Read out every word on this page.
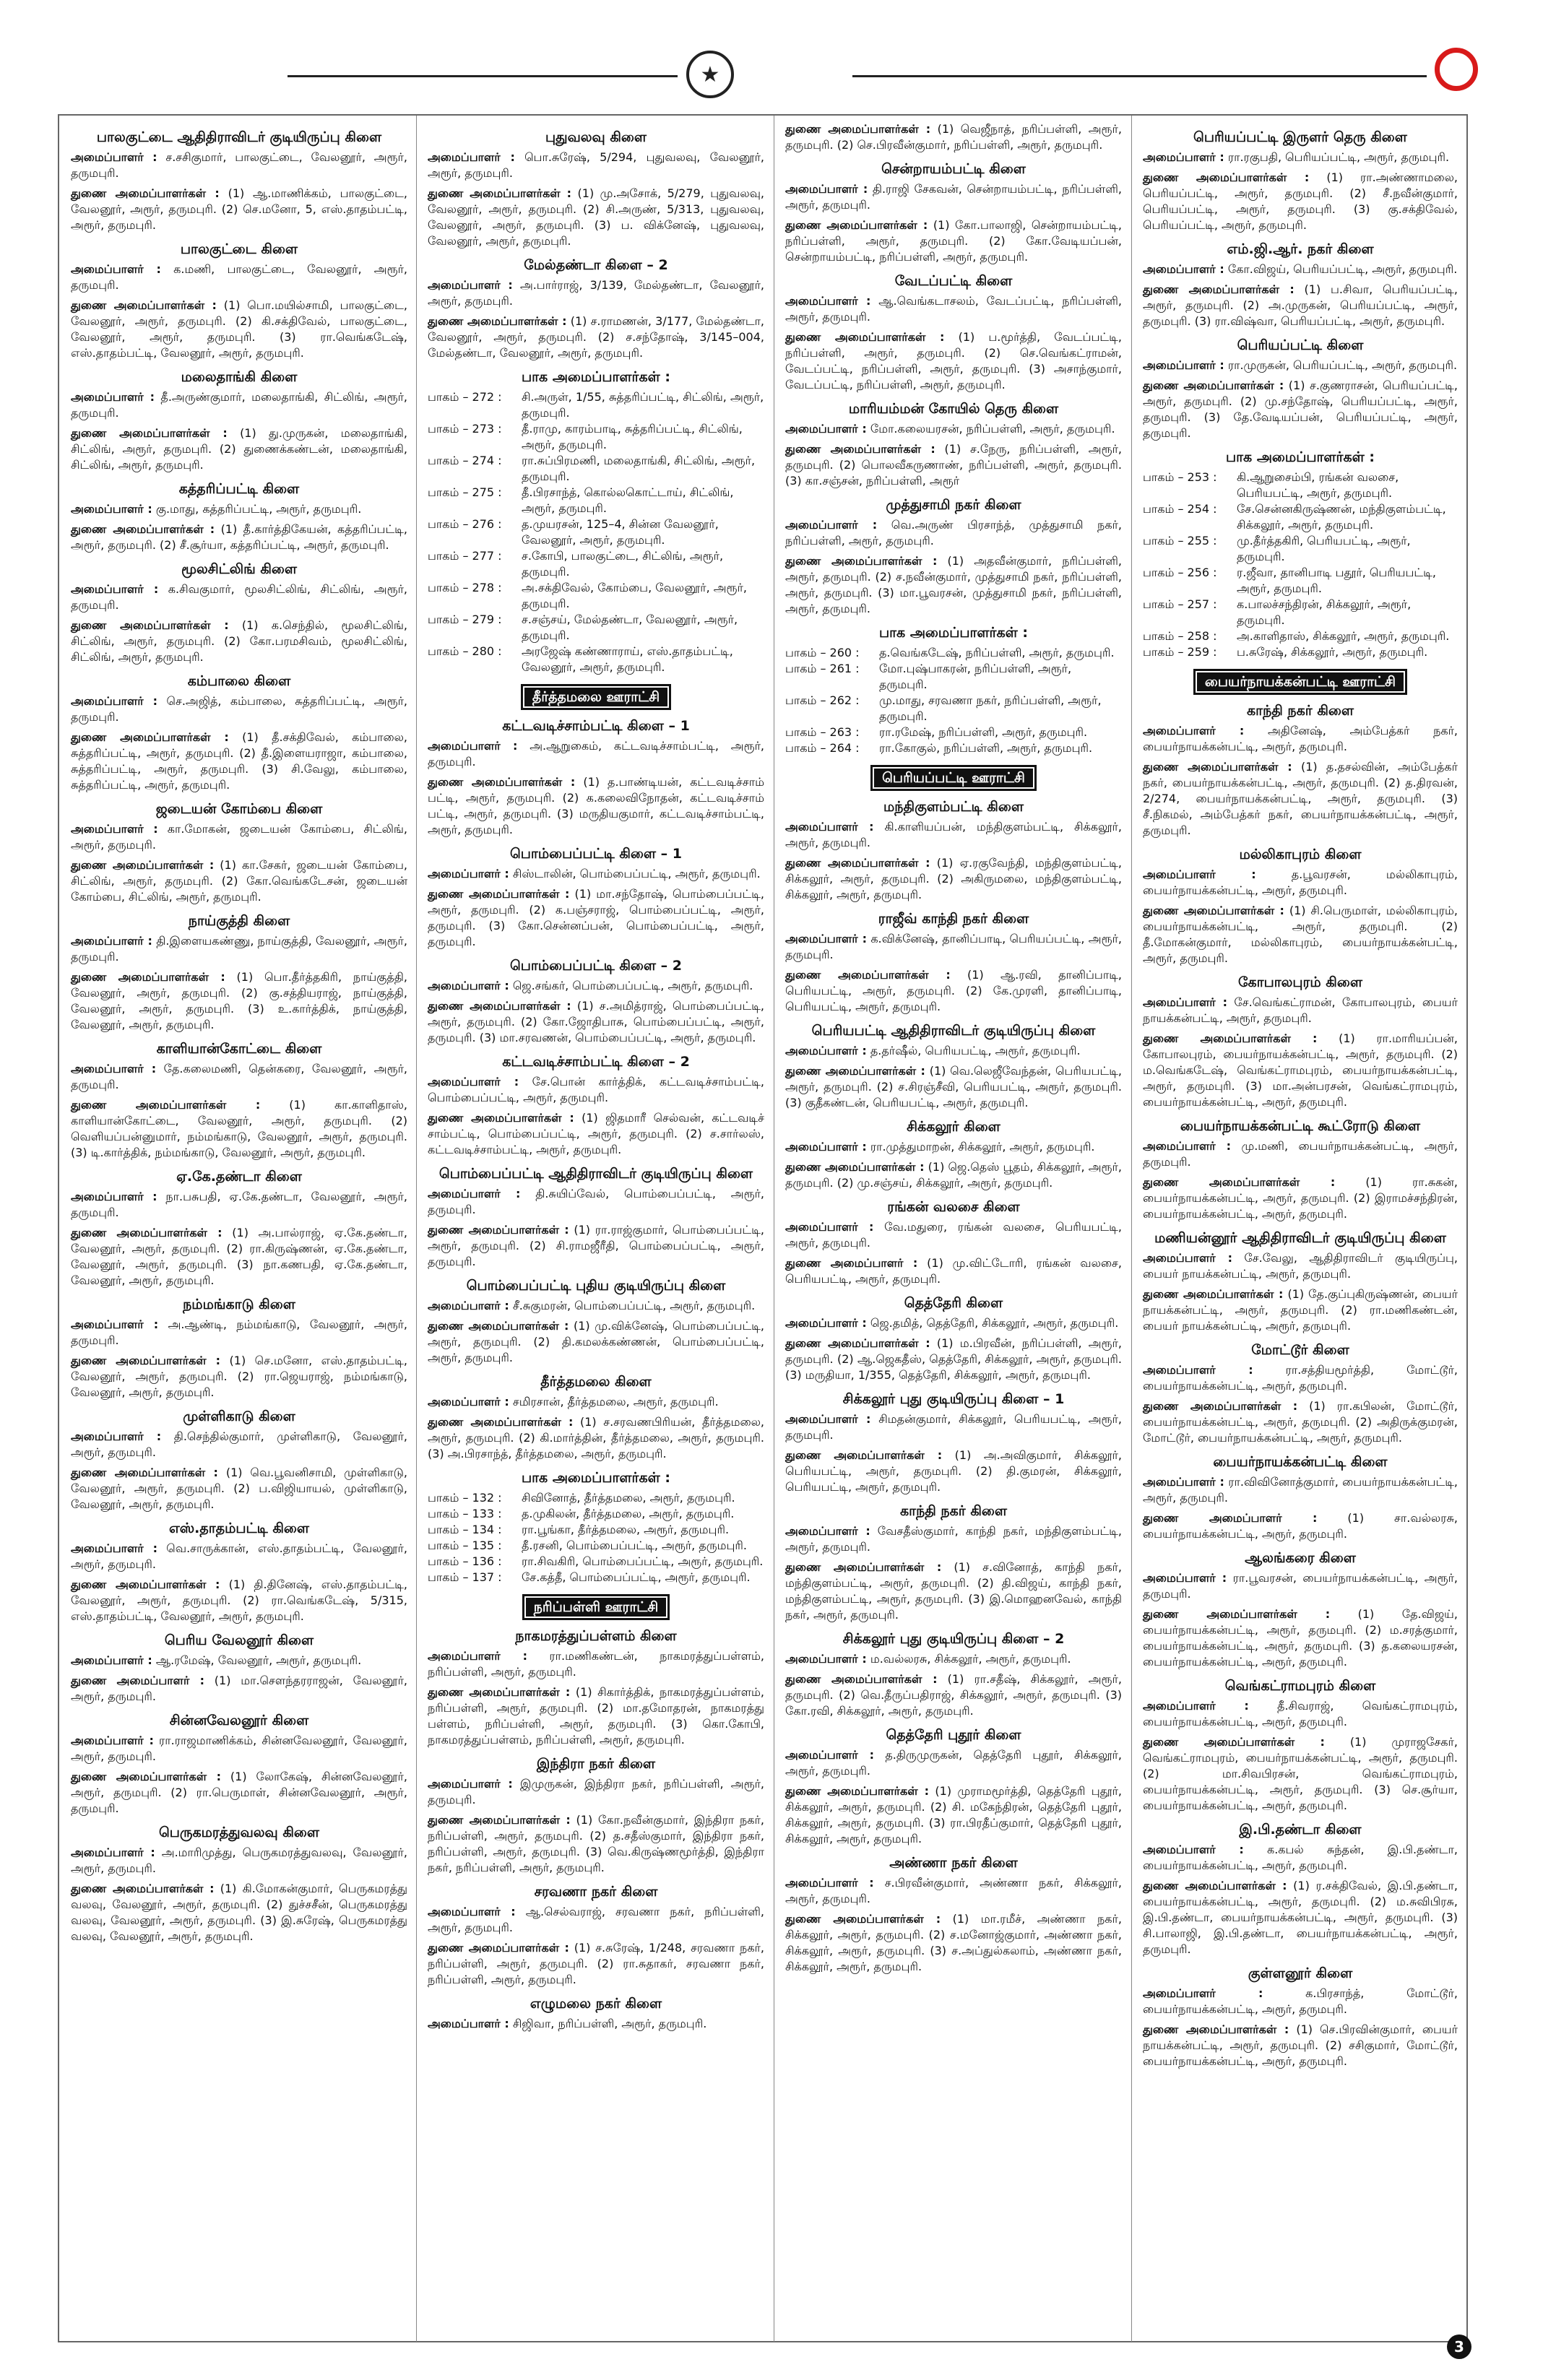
★
பாலகுட்டை ஆதிதிராவிடர் குடியிருப்பு கிளை
அமைப்பாளர் : ச.சசிகுமார், பாலகுட்டை, வேலனூர், அரூர், தருமபுரி.
துணை அமைப்பாளர்கள் : (1) ஆ.மாணிக்கம், பாலகுட்டை, வேலனூர், அரூர், தருமபுரி. (2) செ.மனோ, 5, எஸ்.தாதம்பட்டி, அரூர், தருமபுரி.
பாலகுட்டை கிளை
அமைப்பாளர் : க.மணி, பாலகுட்டை, வேலனூர், அரூர், தருமபுரி.
துணை அமைப்பாளர்கள் : (1) பொ.மயில்சாமி, பாலகுட்டை, வேலனூர், அரூர், தருமபுரி. (2) கி.சக்திவேல், பாலகுட்டை, வேலனூர், அரூர், தருமபுரி. (3) ரா.வெங்கடேஷ், எஸ்.தாதம்பட்டி, வேலனூர், அரூர், தருமபுரி.
மலைதாங்கி கிளை
அமைப்பாளர் : தீ.அருண்குமார், மலைதாங்கி, சிட்லிங், அரூர், தருமபுரி.
துணை அமைப்பாளர்கள் : (1) து.முருகன், மலைதாங்கி, சிட்லிங், அரூர், தருமபுரி. (2) துணைக்கண்டன், மலைதாங்கி, சிட்லிங், அரூர், தருமபுரி.
கத்தரிப்பட்டி கிளை
அமைப்பாளர் : கு.மாது, கத்தரிப்பட்டி, அரூர், தருமபுரி.
துணை அமைப்பாளர்கள் : (1) தீ.கார்த்திகேயன், கத்தரிப்பட்டி, அரூர், தருமபுரி. (2) சீ.சூர்யா, கத்தரிப்பட்டி, அரூர், தருமபுரி.
மூலசிட்லிங் கிளை
அமைப்பாளர் : க.சிவகுமார், மூலசிட்லிங், சிட்லிங், அரூர், தருமபுரி.
துணை அமைப்பாளர்கள் : (1) க.செந்தில், மூலசிட்லிங், சிட்லிங், அரூர், தருமபுரி. (2) கோ.பரமசிவம், மூலசிட்லிங், சிட்லிங், அரூர், தருமபுரி.
கம்பாலை கிளை
அமைப்பாளர் : செ.அஜித், கம்பாலை, சுத்தரிப்பட்டி, அரூர், தருமபுரி.
துணை அமைப்பாளர்கள் : (1) தீ.சக்திவேல், கம்பாலை, சுத்தரிப்பட்டி, அரூர், தருமபுரி. (2) தீ.இளையராஜா, கம்பாலை, சுத்தரிப்பட்டி, அரூர், தருமபுரி. (3) சி.வேலு, கம்பாலை, சுத்தரிப்பட்டி, அரூர், தருமபுரி.
ஜடையன் கோம்பை கிளை
அமைப்பாளர் : கா.மோகன், ஜடையன் கோம்பை, சிட்லிங், அரூர், தருமபுரி.
துணை அமைப்பாளர்கள் : (1) கா.சேகர், ஜடையன் கோம்பை, சிட்லிங், அரூர், தருமபுரி. (2) கோ.வெங்கடேசன், ஜடையன் கோம்பை, சிட்லிங், அரூர், தருமபுரி.
நாய்குத்தி கிளை
அமைப்பாளர் : தி.இளையகண்ணு, நாய்குத்தி, வேலனூர், அரூர், தருமபுரி.
துணை அமைப்பாளர்கள் : (1) பொ.தீர்த்தகிரி, நாய்குத்தி, வேலனூர், அரூர், தருமபுரி. (2) கு.சத்தியராஜ், நாய்குத்தி, வேலனூர், அரூர், தருமபுரி. (3) உ.கார்த்திக், நாய்குத்தி, வேலனூர், அரூர், தருமபுரி.
காளியான்கோட்டை கிளை
அமைப்பாளர் : தே.கலைமணி, தென்கரை, வேலனூர், அரூர், தருமபுரி.
துணை அமைப்பாளர்கள் :	(1) கா.காளிதாஸ், காளியான்கோட்டை, வேலனூர், அரூர், தருமபுரி. (2) வெளியப்பன்னுமார், நம்மங்காடு, வேலனூர், அரூர், தருமபுரி. (3) டி.கார்த்திக், நம்மங்காடு, வேலனூர், அரூர், தருமபுரி.
ஏ.கே.தண்டா கிளை
அமைப்பாளர் : நா.பசுபதி, ஏ.கே.தண்டா, வேலனூர், அரூர், தருமபுரி.
துணை அமைப்பாளர்கள் : (1) அ.பால்ராஜ், ஏ.கே.தண்டா, வேலனூர், அரூர், தருமபுரி. (2) ரா.கிருஷ்ணன், ஏ.கே.தண்டா, வேலனூர், அரூர், தருமபுரி. (3) நா.கணபதி, ஏ.கே.தண்டா, வேலனூர், அரூர், தருமபுரி.
நம்மங்காடு கிளை
அமைப்பாளர் : அ.ஆண்டி, நம்மங்காடு, வேலனூர், அரூர், தருமபுரி.
துணை அமைப்பாளர்கள் : (1) செ.மனோ, எஸ்.தாதம்பட்டி, வேலனூர், அரூர், தருமபுரி. (2) ரா.ஜெயராஜ், நம்மங்காடு, வேலனூர், அரூர், தருமபுரி.
முள்ளிகாடு கிளை
அமைப்பாளர் : தி.செந்தில்குமார், முள்ளிகாடு, வேலனூர், அரூர், தருமபுரி.
துணை அமைப்பாளர்கள் : (1) வெ.பூவனிசாமி, முள்ளிகாடு, வேலனூர், அரூர், தருமபுரி. (2) ப.விஜியாயல், முள்ளிகாடு, வேலனூர், அரூர், தருமபுரி.
எஸ்.தாதம்பட்டி கிளை
அமைப்பாளர் : வெ.சாருக்கான், எஸ்.தாதம்பட்டி, வேலனூர், அரூர், தருமபுரி.
துணை அமைப்பாளர்கள் : (1) தி.தினேஷ், எஸ்.தாதம்பட்டி, வேலனூர், அரூர், தருமபுரி. (2) ரா.வெங்கடேஷ், 5/315, எஸ்.தாதம்பட்டி, வேலனூர், அரூர், தருமபுரி.
பெரிய வேலனூர் கிளை
அமைப்பாளர் : ஆ.ரமேஷ், வேலனூர், அரூர், தருமபுரி.
துணை அமைப்பாளர் : (1) மா.சௌந்தரராஜன், வேலனூர், அரூர், தருமபுரி.
சின்னவேலனூர் கிளை
அமைப்பாளர் : ரா.ராஜமாணிக்கம், சின்னவேலனூர், வேலனூர், அரூர், தருமபுரி.
துணை அமைப்பாளர்கள் : (1) லோகேஷ், சின்னவேலனூர், அரூர், தருமபுரி. (2) ரா.பெருமாள், சின்னவேலனூர், அரூர், தருமபுரி.
பெருகமரத்துவலவு கிளை
அமைப்பாளர் : அ.மாரிமுத்து, பெருகமரத்துவலவு, வேலனூர், அரூர், தருமபுரி.
துணை அமைப்பாளர்கள் : (1) கி.மோகன்குமார், பெருகமரத்து வலவு, வேலனூர், அரூர், தருமபுரி. (2) துச்சசீன், பெருகமரத்து வலவு, வேலனூர், அரூர், தருமபுரி. (3) இ.சுரேஷ், பெருகமரத்து வலவு, வேலனூர், அரூர், தருமபுரி.
புதுவலவு கிளை
அமைப்பாளர் : பொ.சுரேஷ், 5/294, புதுவலவு, வேலனூர், அரூர், தருமபுரி.
துணை அமைப்பாளர்கள் : (1) மு.அசோக், 5/279, புதுவலவு, வேலனூர், அரூர், தருமபுரி. (2) சி.அருண், 5/313, புதுவலவு, வேலனூர், அரூர், தருமபுரி. (3) ப. விக்னேஷ், புதுவலவு, வேலனூர், அரூர், தருமபுரி.
மேல்தண்டா கிளை – 2
அமைப்பாளர் : அ.பார்ராஜ், 3/139, மேல்தண்டா, வேலனூர், அரூர், தருமபுரி.
துணை அமைப்பாளர்கள் : (1) ச.ராமணன், 3/177, மேல்தண்டா, வேலனூர், அரூர், தருமபுரி. (2) ச.சந்தோஷ், 3/145–004, மேல்தண்டா, வேலனூர், அரூர், தருமபுரி.
பாக அமைப்பாளர்கள் :
பாகம் – 272 :	சி.அருள், 1/55, சுத்தரிப்பட்டி, சிட்லிங், அரூர், தருமபுரி.
பாகம் – 273 :	தீ.ராமு, காரம்பாடி, சுத்தரிப்பட்டி, சிட்லிங், அரூர், தருமபுரி.
பாகம் – 274 :	ரா.சுப்பிரமணி, மலைதாங்கி, சிட்லிங், அரூர், தருமபுரி.
பாகம் – 275 :	தீ.பிரசாந்த், கொல்லகொட்டாய், சிட்லிங், அரூர், தருமபுரி.
பாகம் – 276 :	த.முயரசன், 125–4, சின்ன வேலனூர், வேலனூர், அரூர், தருமபுரி.
பாகம் – 277 :	ச.கோபி, பாலகுட்டை, சிட்லிங், அரூர், தருமபுரி.
பாகம் – 278 :	அ.சக்திவேல், கோம்பை, வேலனூர், அரூர், தருமபுரி.
பாகம் – 279 :	ச.சஞ்சய், மேல்தண்டா, வேலனூர், அரூர், தருமபுரி.
பாகம் – 280 :	அரஜேஷ் கண்ணாராய், எஸ்.தாதம்பட்டி, வேலனூர், அரூர், தருமபுரி.
தீர்த்தமலை ஊராட்சி
கட்டவடிச்சாம்பட்டி கிளை – 1
அமைப்பாளர் : அ.ஆறுகைம், கட்டவடிச்சாம்பட்டி, அரூர், தருமபுரி.
துணை அமைப்பாளர்கள் : (1) த.பாண்டியன், கட்டவடிச்சாம் பட்டி, அரூர், தருமபுரி. (2) க.கலைவிநோதன், கட்டவடிச்சாம் பட்டி, அரூர், தருமபுரி. (3) மருதியகுமார், கட்டவடிச்சாம்பட்டி, அரூர், தருமபுரி.
பொம்பைப்பட்டி கிளை – 1
அமைப்பாளர் : சிஸ்டாலின், பொம்பைப்பட்டி, அரூர், தருமபுரி.
துணை அமைப்பாளர்கள் : (1) மா.சந்தோஷ், பொம்பைப்பட்டி, அரூர், தருமபுரி. (2) க.பஞ்சராஜ், பொம்பைப்பட்டி, அரூர், தருமபுரி. (3) கோ.சென்னப்பன், பொம்பைப்பட்டி, அரூர், தருமபுரி.
பொம்பைப்பட்டி கிளை – 2
அமைப்பாளர் : ஜெ.சங்கர், பொம்பைப்பட்டி, அரூர், தருமபுரி.
துணை அமைப்பாளர்கள் : (1) ச.அமித்ராஜ், பொம்பைப்பட்டி, அரூர், தருமபுரி. (2) கோ.ஜோதிபாசு, பொம்பைப்பட்டி, அரூர், தருமபுரி. (3) மா.சரவணன், பொம்பைப்பட்டி, அரூர், தருமபுரி.
கட்டவடிச்சாம்பட்டி கிளை – 2
அமைப்பாளர் : சே.பொன் கார்த்திக், கட்டவடிச்சாம்பட்டி, பொம்பைப்பட்டி, அரூர், தருமபுரி.
துணை அமைப்பாளர்கள் : (1) ஜிதமாரீ செல்வன், கட்டவடிச் சாம்பட்டி, பொம்பைப்பட்டி, அரூர், தருமபுரி. (2) ச.சார்லஸ், கட்டவடிச்சாம்பட்டி, அரூர், தருமபுரி.
பொம்பைப்பட்டி ஆதிதிராவிடர் குடியிருப்பு கிளை
அமைப்பாளர் : தி.சுயிப்வேல், பொம்பைப்பட்டி, அரூர், தருமபுரி.
துணை அமைப்பாளர்கள் : (1) ரா.ராஜ்குமார், பொம்பைப்பட்டி, அரூர், தருமபுரி. (2) சி.ராமஜீரீதி, பொம்பைப்பட்டி, அரூர், தருமபுரி.
பொம்பைப்பட்டி புதிய குடியிருப்பு கிளை
அமைப்பாளர் : சீ.சுகுமரன், பொம்பைப்பட்டி, அரூர், தருமபுரி.
துணை அமைப்பாளர்கள் : (1) மு.விக்னேஷ், பொம்பைப்பட்டி, அரூர், தருமபுரி. (2) தி.கமலக்கண்ணன், பொம்பைப்பட்டி, அரூர், தருமபுரி.
தீர்த்தமலை கிளை
அமைப்பாளர் : சமிரசான், தீர்த்தமலை, அரூர், தருமபுரி.
துணை அமைப்பாளர்கள் : (1) ச.சரவணபிரியன், தீர்த்தமலை, அரூர், தருமபுரி. (2) கி.மார்த்தின், தீர்த்தமலை, அரூர், தருமபுரி. (3) அ.பிரசாந்த், தீர்த்தமலை, அரூர், தருமபுரி.
பாக அமைப்பாளர்கள் :
பாகம் – 132 :	சிவினோத், தீர்த்தமலை, அரூர், தருமபுரி.
பாகம் – 133 :	த.முகிலன், தீர்த்தமலை, அரூர், தருமபுரி.
பாகம் – 134 :	ரா.பூங்கா, தீர்த்தமலை, அரூர், தருமபுரி.
பாகம் – 135 :	தீ.ரசனி, பொம்பைப்பட்டி, அரூர், தருமபுரி.
பாகம் – 136 :	ரா.சிவகிரி, பொம்பைப்பட்டி, அரூர், தருமபுரி.
பாகம் – 137 :	சே.கத்தீ, பொம்பைப்பட்டி, அரூர், தருமபுரி.
நரிப்பள்ளி ஊராட்சி
நாகமரத்துப்பள்ளம் கிளை
அமைப்பாளர் : ரா.மணிகண்டன், நாகமரத்துப்பள்ளம், நரிப்பள்ளி, அரூர், தருமபுரி.
துணை அமைப்பாளர்கள் : (1) சிகார்த்திக், நாகமரத்துப்பள்ளம், நரிப்பள்ளி, அரூர், தருமபுரி. (2) மா.தமோதரன், நாகமரத்து பள்ளம், நரிப்பள்ளி, அரூர், தருமபுரி. (3) கொ.கோபி, நாகமரத்துப்பள்ளம், நரிப்பள்ளி, அரூர், தருமபுரி.
இந்திரா நகர் கிளை
அமைப்பாளர் : இமுருகன், இந்திரா நகர், நரிப்பள்ளி, அரூர், தருமபுரி.
துணை அமைப்பாளர்கள் : (1) கோ.நவீன்குமார், இந்திரா நகர், நரிப்பள்ளி, அரூர், தருமபுரி. (2) த.சதீஸ்குமார், இந்திரா நகர், நரிப்பள்ளி, அரூர், தருமபுரி. (3) வெ.கிருஷ்ணமூர்த்தி, இந்திரா நகர், நரிப்பள்ளி, அரூர், தருமபுரி.
சரவணா நகர் கிளை
அமைப்பாளர் : ஆ.செல்வராஜ், சரவணா நகர், நரிப்பள்ளி, அரூர், தருமபுரி.
துணை அமைப்பாளர்கள் : (1) ச.சுரேஷ், 1/248, சரவணா நகர், நரிப்பள்ளி, அரூர், தருமபுரி. (2) ரா.சுதாகர், சரவணா நகர், நரிப்பள்ளி, அரூர், தருமபுரி.
எழுமலை நகர் கிளை
அமைப்பாளர் : சிஜிவா, நரிப்பள்ளி, அரூர், தருமபுரி.
துணை அமைப்பாளர்கள் : (1) வெஜீநாத், நரிப்பள்ளி, அரூர், தருமபுரி. (2) செ.பிரவீன்குமார், நரிப்பள்ளி, அரூர், தருமபுரி.
சென்றாயம்பட்டி கிளை
அமைப்பாளர் : தி.ராஜி சேகவன், சென்றாயம்பட்டி, நரிப்பள்ளி, அரூர், தருமபுரி.
துணை அமைப்பாளர்கள் : (1) கோ.பாலாஜி, சென்றாயம்பட்டி, நரிப்பள்ளி, அரூர், தருமபுரி. (2) கோ.வேடியப்பன், சென்றாயம்பட்டி, நரிப்பள்ளி, அரூர், தருமபுரி.
வேடப்பட்டி கிளை
அமைப்பாளர் : ஆ.வெங்கடாசலம், வேடப்பட்டி, நரிப்பள்ளி, அரூர், தருமபுரி.
துணை அமைப்பாளர்கள் : (1) ப.மூர்த்தி, வேடப்பட்டி, நரிப்பள்ளி, அரூர், தருமபுரி. (2) செ.வெங்கட்ராமன், வேடப்பட்டி, நரிப்பள்ளி, அரூர், தருமபுரி. (3) அசாந்குமார், வேடப்பட்டி, நரிப்பள்ளி, அரூர், தருமபுரி.
மாரியம்மன் கோயில் தெரு கிளை
அமைப்பாளர் : மோ.கலையரசன், நரிப்பள்ளி, அரூர், தருமபுரி.
துணை அமைப்பாளர்கள் : (1) ச.நேரு, நரிப்பள்ளி, அரூர், தருமபுரி. (2) பொலவீகருணாண், நரிப்பள்ளி, அரூர், தருமபுரி. (3) கா.சஞ்சன், நரிப்பள்ளி, அரூர்
முத்துசாமி நகர் கிளை
அமைப்பாளர் : வெ.அருண் பிரசாந்த், முத்துசாமி நகர், நரிப்பள்ளி, அரூர், தருமபுரி.
துணை அமைப்பாளர்கள் : (1) அதவீன்குமார், நரிப்பள்ளி, அரூர், தருமபுரி. (2) ச.நவீன்குமார், முத்துசாமி நகர், நரிப்பள்ளி, அரூர், தருமபுரி. (3) மா.பூவரசன், முத்துசாமி நகர், நரிப்பள்ளி, அரூர், தருமபுரி.
பாக அமைப்பாளர்கள் :
பாகம் – 260 :	த.வெங்கடேஷ், நரிப்பள்ளி, அரூர், தருமபுரி.
பாகம் – 261 :	மோ.புஷ்பாகரன், நரிப்பள்ளி, அரூர், தருமபுரி.
பாகம் – 262 :	மு.மாது, சரவணா நகர், நரிப்பள்ளி, அரூர், தருமபுரி.
பாகம் – 263 :	ரா.ரமேஷ், நரிப்பள்ளி, அரூர், தருமபுரி.
பாகம் – 264 :	ரா.கோகுல், நரிப்பள்ளி, அரூர், தருமபுரி.
பெரியப்பட்டி ஊராட்சி
மந்திகுளம்பட்டி கிளை
அமைப்பாளர் : கி.காளியப்பன், மந்திகுளம்பட்டி, சிக்கலூர், அரூர், தருமபுரி.
துணை அமைப்பாளர்கள் : (1) ஏ.ரகுவேந்தி, மந்திகுளம்பட்டி, சிக்கலூர், அரூர், தருமபுரி. (2) அகிருமலை, மந்திகுளம்பட்டி, சிக்கலூர், அரூர், தருமபுரி.
ராஜீவ் காந்தி நகர் கிளை
அமைப்பாளர் : க.விக்னேஷ், தானிப்பாடி, பெரியப்பட்டி, அரூர், தருமபுரி.
துணை அமைப்பாளர்கள் : (1) ஆ.ரவி, தானிப்பாடி, பெரியபட்டி, அரூர், தருமபுரி. (2) கே.முரளி, தானிப்பாடி, பெரியபட்டி, அரூர், தருமபுரி.
பெரியபட்டி ஆதிதிராவிடர் குடியிருப்பு கிளை
அமைப்பாளர் : த.தர்ஷீல், பெரியபட்டி, அரூர், தருமபுரி.
துணை அமைப்பாளர்கள் : (1) வெ.லெஜீவேந்தன், பெரியபட்டி, அரூர், தருமபுரி. (2) ச.சிரஞ்சீவி, பெரியபட்டி, அரூர், தருமபுரி. (3) குதீகண்டன், பெரியபட்டி, அரூர், தருமபுரி.
சிக்கலூர் கிளை
அமைப்பாளர் : ரா.முத்துமாறன், சிக்கலூர், அரூர், தருமபுரி.
துணை அமைப்பாளர்கள் : (1) ஜெ.தெஸ் பூதம், சிக்கலூர், அரூர், தருமபுரி. (2) மு.சஞ்சய், சிக்கலூர், அரூர், தருமபுரி.
ரங்கன் வலசை கிளை
அமைப்பாளர் : வே.மதுரை, ரங்கன் வலசை, பெரியபட்டி, அரூர், தருமபுரி.
துணை அமைப்பாளர் : (1) மு.விட்டோரி, ரங்கன் வலசை, பெரியபட்டி, அரூர், தருமபுரி.
தெத்தேரி கிளை
அமைப்பாளர் : ஜெ.தமித், தெத்தேரி, சிக்கலூர், அரூர், தருமபுரி.
துணை அமைப்பாளர்கள் : (1) ம.பிரவீன், நரிப்பள்ளி, அரூர், தருமபுரி. (2) ஆ.ஜெகதீஸ், தெத்தேரி, சிக்கலூர், அரூர், தருமபுரி. (3) மருதியா, 1/355, தெத்தேரி, சிக்கலூர், அரூர், தருமபுரி.
சிக்கலூர் புது குடியிருப்பு கிளை – 1
அமைப்பாளர் : சிமதன்குமார், சிக்கலூர், பெரியபட்டி, அரூர், தருமபுரி.
துணை அமைப்பாளர்கள் : (1) அ.அவிகுமார், சிக்கலூர், பெரியபட்டி, அரூர், தருமபுரி. (2) தி.குமரன், சிக்கலூர், பெரியபட்டி, அரூர், தருமபுரி.
காந்தி நகர் கிளை
அமைப்பாளர் : வேசதீஸ்குமார், காந்தி நகர், மந்திகுளம்பட்டி, அரூர், தருமபுரி.
துணை அமைப்பாளர்கள் : (1) ச.வினோத், காந்தி நகர், மந்திகுளம்பட்டி, அரூர், தருமபுரி. (2) தி.விஜய், காந்தி நகர், மந்திகுளம்பட்டி, அரூர், தருமபுரி. (3) இ.மொஹனவேல், காந்தி நகர், அரூர், தருமபுரி.
சிக்கலூர் புது குடியிருப்பு கிளை – 2
அமைப்பாளர் : ம.வல்லரசு, சிக்கலூர், அரூர், தருமபுரி.
துணை அமைப்பாளர்கள் : (1) ரா.சதீஷ், சிக்கலூர், அரூர், தருமபுரி. (2) வெ.தீருப்பதிராஜ், சிக்கலூர், அரூர், தருமபுரி. (3) கோ.ரவி, சிக்கலூர், அரூர், தருமபுரி.
தெத்தேரி புதூர் கிளை
அமைப்பாளர் : த.திருமுருகன், தெத்தேரி புதூர், சிக்கலூர், அரூர், தருமபுரி.
துணை அமைப்பாளர்கள் : (1) முராமமூர்த்தி, தெத்தேரி புதூர், சிக்கலூர், அரூர், தருமபுரி. (2) சி. மகேந்திரன், தெத்தேரி புதூர், சிக்கலூர், அரூர், தருமபுரி. (3) ரா.பிரதீப்குமார், தெத்தேரி புதூர், சிக்கலூர், அரூர், தருமபுரி.
அண்ணா நகர் கிளை
அமைப்பாளர் : ச.பிரவீன்குமார், அண்ணா நகர், சிக்கலூர், அரூர், தருமபுரி.
துணை அமைப்பாளர்கள் : (1) மா.ரமீச், அண்ணா நகர், சிக்கலூர், அரூர், தருமபுரி. (2) ச.மனோஜ்குமார், அண்ணா நகர், சிக்கலூர், அரூர், தருமபுரி. (3) ச.அப்துல்கலாம், அண்ணா நகர், சிக்கலூர், அரூர், தருமபுரி.
பெரியப்பட்டி இருளர் தெரு கிளை
அமைப்பாளர் : ரா.ரகுபதி, பெரியப்பட்டி, அரூர், தருமபுரி.
துணை அமைப்பாளர்கள் : (1) ரா.அண்ணாமலை, பெரியப்பட்டி, அரூர், தருமபுரி. (2) சீ.நவீன்குமார், பெரியப்பட்டி, அரூர், தருமபுரி. (3) கு.சக்திவேல், பெரியப்பட்டி, அரூர், தருமபுரி.
எம்.ஜி.ஆர். நகர் கிளை
அமைப்பாளர் : கோ.விஜய், பெரியப்பட்டி, அரூர், தருமபுரி.
துணை அமைப்பாளர்கள் : (1) ப.சிவா, பெரியப்பட்டி, அரூர், தருமபுரி. (2) அ.முருகன், பெரியப்பட்டி, அரூர், தருமபுரி. (3) ரா.விஷ்வா, பெரியப்பட்டி, அரூர், தருமபுரி.
பெரியப்பட்டி கிளை
அமைப்பாளர் : ரா.முருகன், பெரியப்பட்டி, அரூர், தருமபுரி.
துணை அமைப்பாளர்கள் : (1) ச.குணராசன், பெரியப்பட்டி, அரூர், தருமபுரி. (2) மு.சந்தோஷ், பெரியப்பட்டி, அரூர், தருமபுரி. (3) தே.வேடியப்பன், பெரியப்பட்டி, அரூர், தருமபுரி.
பாக அமைப்பாளர்கள் :
பாகம் – 253 :	கி.ஆறுசைம்பி, ரங்கன் வலசை, பெரியபட்டி, அரூர், தருமபுரி.
பாகம் – 254 :	சே.சென்னகிருஷ்ணன், மந்திகுளம்பட்டி, சிக்கலூர், அரூர், தருமபுரி.
பாகம் – 255 :	மு.தீர்த்தகிரி, பெரியபட்டி, அரூர், தருமபுரி.
பாகம் – 256 :	ர.ஜீவா, தானிபாடி பதூர், பெரியபட்டி, அரூர், தருமபுரி.
பாகம் – 257 :	க.பாலச்சந்திரன், சிக்கலூர், அரூர், தருமபுரி.
பாகம் – 258 :	அ.காளிதாஸ், சிக்கலூர், அரூர், தருமபுரி.
பாகம் – 259 :	ப.சுரேஷ், சிக்கலூர், அரூர், தருமபுரி.
பையர்நாயக்கன்பட்டி ஊராட்சி
காந்தி நகர் கிளை
அமைப்பாளர் : அதினேஷ், அம்பேத்கர் நகர், பையர்நாயக்கன்பட்டி, அரூர், தருமபுரி.
துணை அமைப்பாளர்கள் : (1) த.தசல்வின், அம்பேத்கர் நகர், பையர்நாயக்கன்பட்டி, அரூர், தருமபுரி. (2) த.திரவன், 2/274, பையர்நாயக்கன்பட்டி, அரூர், தருமபுரி. (3) சீ.நிகமல், அம்பேத்கர் நகர், பையர்நாயக்கன்பட்டி, அரூர், தருமபுரி.
மல்லிகாபுரம் கிளை
அமைப்பாளர் :	த.பூவரசன், மல்லிகாபுரம், பையர்நாயக்கன்பட்டி, அரூர், தருமபுரி.
துணை அமைப்பாளர்கள் : (1) சி.பெருமாள், மல்லிகாபுரம், பையர்நாயக்கன்பட்டி, அரூர், தருமபுரி. (2) தீ.மோகன்குமார், மல்லிகாபுரம், பையர்நாயக்கன்பட்டி, அரூர், தருமபுரி.
கோபாலபுரம் கிளை
அமைப்பாளர் : சே.வெங்கட்ராமன், கோபாலபுரம், பையர் நாயக்கன்பட்டி, அரூர், தருமபுரி.
துணை அமைப்பாளர்கள் : (1) ரா.மாரியப்பன், கோபாலபுரம், பையர்நாயக்கன்பட்டி, அரூர், தருமபுரி. (2) ம.வெங்கடேஷ், வெங்கட்ராமபுரம், பையர்நாயக்கன்பட்டி, அரூர், தருமபுரி. (3) மா.அன்பரசன், வெங்கட்ராமபுரம், பையர்நாயக்கன்பட்டி, அரூர், தருமபுரி.
பையர்நாயக்கன்பட்டி கூட்ரோடு கிளை
அமைப்பாளர் : மு.மணி, பையர்நாயக்கன்பட்டி, அரூர், தருமபுரி.
துணை அமைப்பாளர்கள் :	(1) ரா.சுகன், பையர்நாயக்கன்பட்டி, அரூர், தருமபுரி. (2) இராமச்சந்திரன், பையர்நாயக்கன்பட்டி, அரூர், தருமபுரி.
மணியன்னூர் ஆதிதிராவிடர் குடியிருப்பு கிளை
அமைப்பாளர் : சே.வேலு, ஆதிதிராவிடர் குடியிருப்பு, பையர் நாயக்கன்பட்டி, அரூர், தருமபுரி.
துணை அமைப்பாளர்கள் : (1) தே.குப்புகிருஷ்ணன், பையர் நாயக்கன்பட்டி, அரூர், தருமபுரி. (2) ரா.மணிகண்டன், பையர் நாயக்கன்பட்டி, அரூர், தருமபுரி.
மோட்டூர் கிளை
அமைப்பாளர் :	ரா.சத்தியமூர்த்தி, மோட்டூர், பையர்நாயக்கன்பட்டி, அரூர், தருமபுரி.
துணை அமைப்பாளர்கள் : (1) ரா.கபிலன், மோட்டூர், பையர்நாயக்கன்பட்டி, அரூர், தருமபுரி. (2) அதிருக்குமரன், மோட்டூர், பையர்நாயக்கன்பட்டி, அரூர், தருமபுரி.
பையர்நாயக்கன்பட்டி கிளை
அமைப்பாளர் : ரா.விவினோத்குமார், பையர்நாயக்கன்பட்டி, அரூர், தருமபுரி.
துணை அமைப்பாளர் :	(1) சா.வல்லரசு, பையர்நாயக்கன்பட்டி, அரூர், தருமபுரி.
ஆலங்கரை கிளை
அமைப்பாளர் : ரா.பூவரசன், பையர்நாயக்கன்பட்டி, அரூர், தருமபுரி.
துணை அமைப்பாளர்கள் : (1) தே.விஜய், பையர்நாயக்கன்பட்டி, அரூர், தருமபுரி. (2) ம.சரத்குமார், பையர்நாயக்கன்பட்டி, அரூர், தருமபுரி. (3) த.கலையரசன், பையர்நாயக்கன்பட்டி, அரூர், தருமபுரி.
வெங்கட்ராமபுரம் கிளை
அமைப்பாளர் : தீ.சிவராஜ், வெங்கட்ராமபுரம், பையர்நாயக்கன்பட்டி, அரூர், தருமபுரி.
துணை அமைப்பாளர்கள் : (1) முராஜசேகர், வெங்கட்ராமபுரம், பையர்நாயக்கன்பட்டி, அரூர், தருமபுரி. (2) மா.சிவபிரசன், வெங்கட்ராமபுரம், பையர்நாயக்கன்பட்டி, அரூர், தருமபுரி. (3) செ.சூர்யா, பையர்நாயக்கன்பட்டி, அரூர், தருமபுரி.
இ.பி.தண்டா கிளை
அமைப்பாளர் : க.கபல் சுந்தன், இ.பி.தண்டா, பையர்நாயக்கன்பட்டி, அரூர், தருமபுரி.
துணை அமைப்பாளர்கள் : (1) ர.சக்திவேல், இ.பி.தண்டா, பையர்நாயக்கன்பட்டி, அரூர், தருமபுரி. (2) ம.சுவிபிரசு, இ.பி.தண்டா, பையர்நாயக்கன்பட்டி, அரூர், தருமபுரி. (3) சி.பாலாஜி, இ.பி.தண்டா, பையர்நாயக்கன்பட்டி, அரூர், தருமபுரி.
குள்ளனூர் கிளை
அமைப்பாளர் :	க.பிரசாந்த், மோட்டூர், பையர்நாயக்கன்பட்டி, அரூர், தருமபுரி.
துணை அமைப்பாளர்கள் : (1) செ.பிரவின்குமார், பையர் நாயக்கன்பட்டி, அரூர், தருமபுரி. (2) சசிகுமார், மோட்டூர், பையர்நாயக்கன்பட்டி, அரூர், தருமபுரி.
3
